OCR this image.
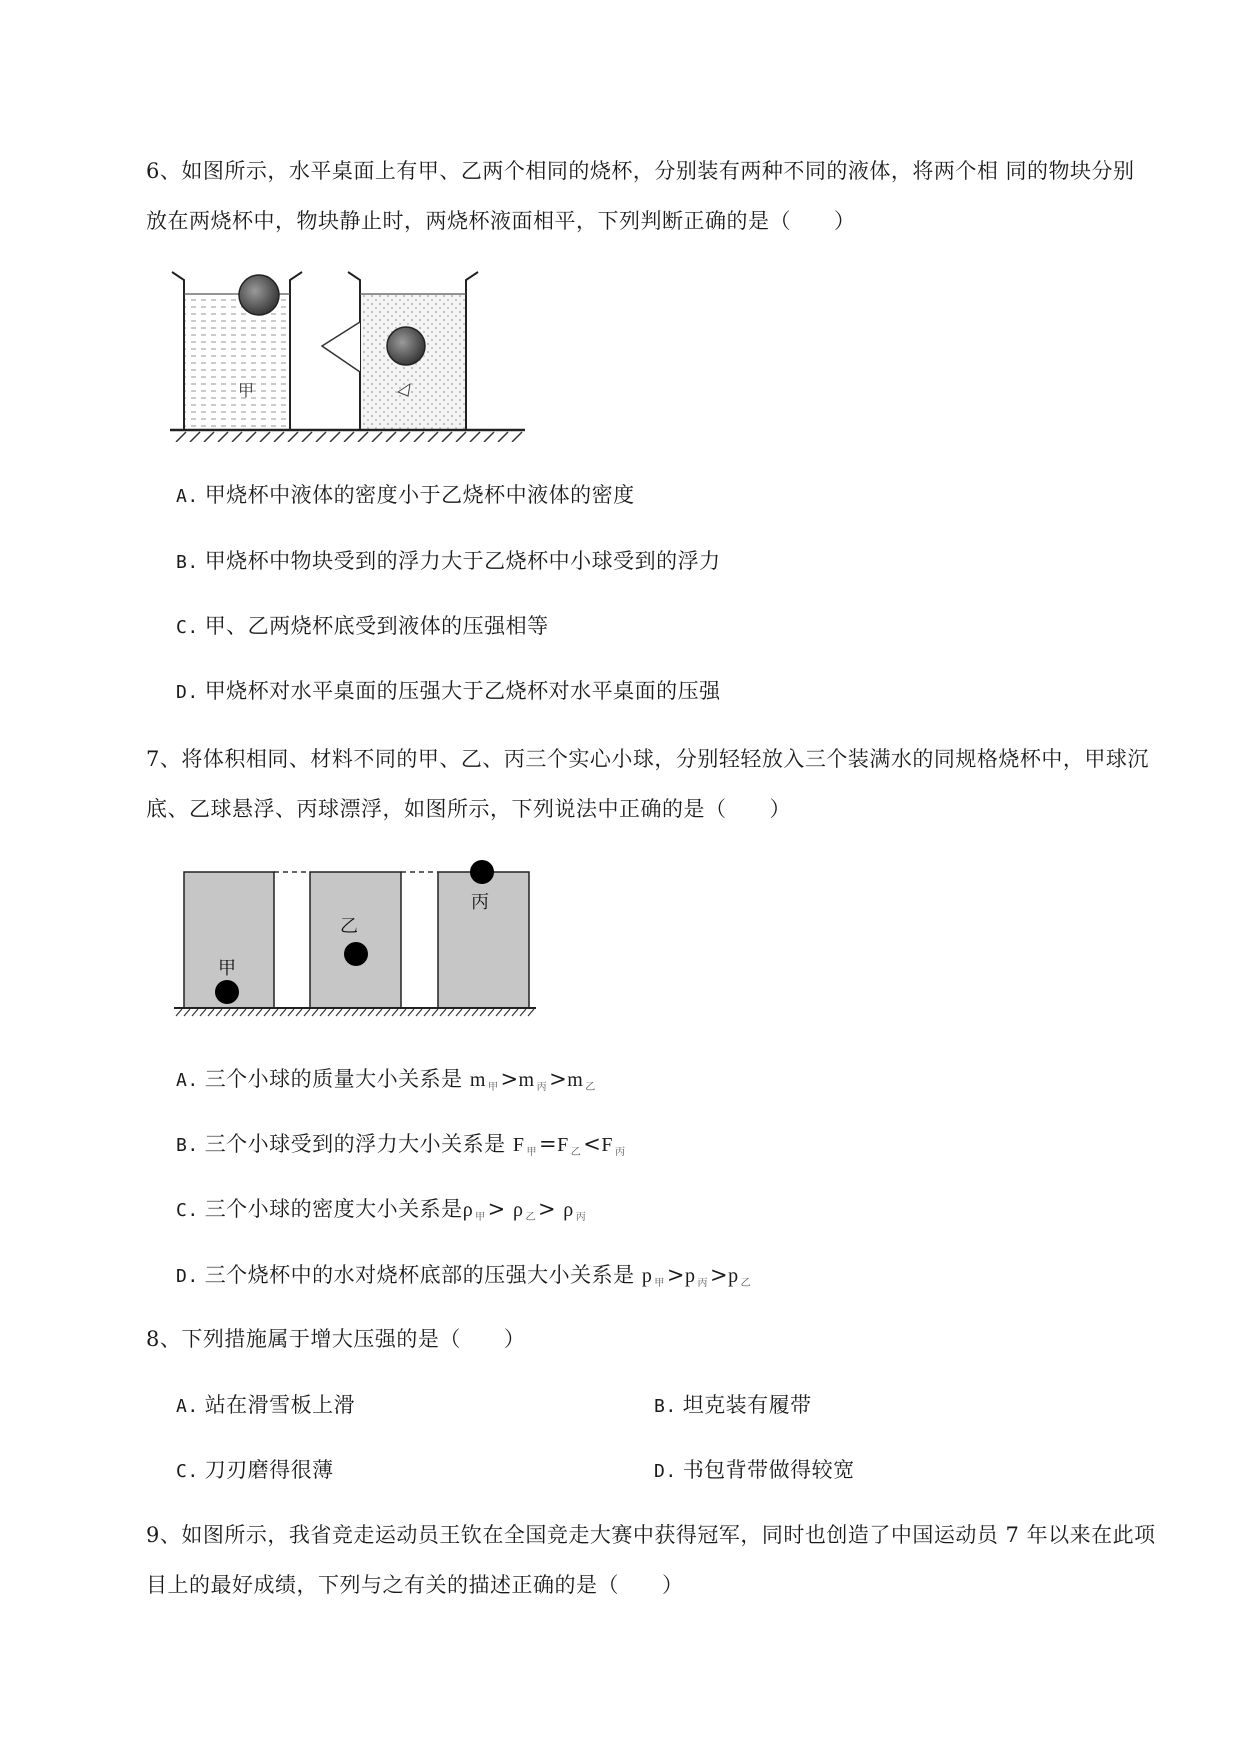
6、如图所示，水平桌面上有甲、乙两个相同的烧杯，分别装有两种不同的液体，将两个相 同的物块分别放在两烧杯中，物块静止时，两烧杯液面相平，下列判断正确的是（　　）
甲
A. 甲烧杯中液体的密度小于乙烧杯中液体的密度
B. 甲烧杯中物块受到的浮力大于乙烧杯中小球受到的浮力
C. 甲、乙两烧杯底受到液体的压强相等
D. 甲烧杯对水平桌面的压强大于乙烧杯对水平桌面的压强
7、将体积相同、材料不同的甲、乙、丙三个实心小球，分别轻轻放入三个装满水的同规格烧杯中，甲球沉底、乙球悬浮、丙球漂浮，如图所示，下列说法中正确的是（　　）
甲
乙
丙
A. 三个小球的质量大小关系是 m $_甲$>m $_丙$>m $_乙$
B. 三个小球受到的浮力大小关系是 F $_甲$=F $_乙$<F $_丙$
C. 三个小球的密度大小关系是ρ $_甲$> ρ $_乙$> ρ $_丙$
D. 三个烧杯中的水对烧杯底部的压强大小关系是 p $_甲$>p $_丙$>p $_乙$
8、下列措施属于增大压强的是（　　）
A. 站在滑雪板上滑	B. 坦克装有履带
C. 刀刃磨得很薄	D. 书包背带做得较宽
9、如图所示，我省竞走运动员王钦在全国竞走大赛中获得冠军，同时也创造了中国运动员 7 年以来在此项目上的最好成绩，下列与之有关的描述正确的是（　　）
